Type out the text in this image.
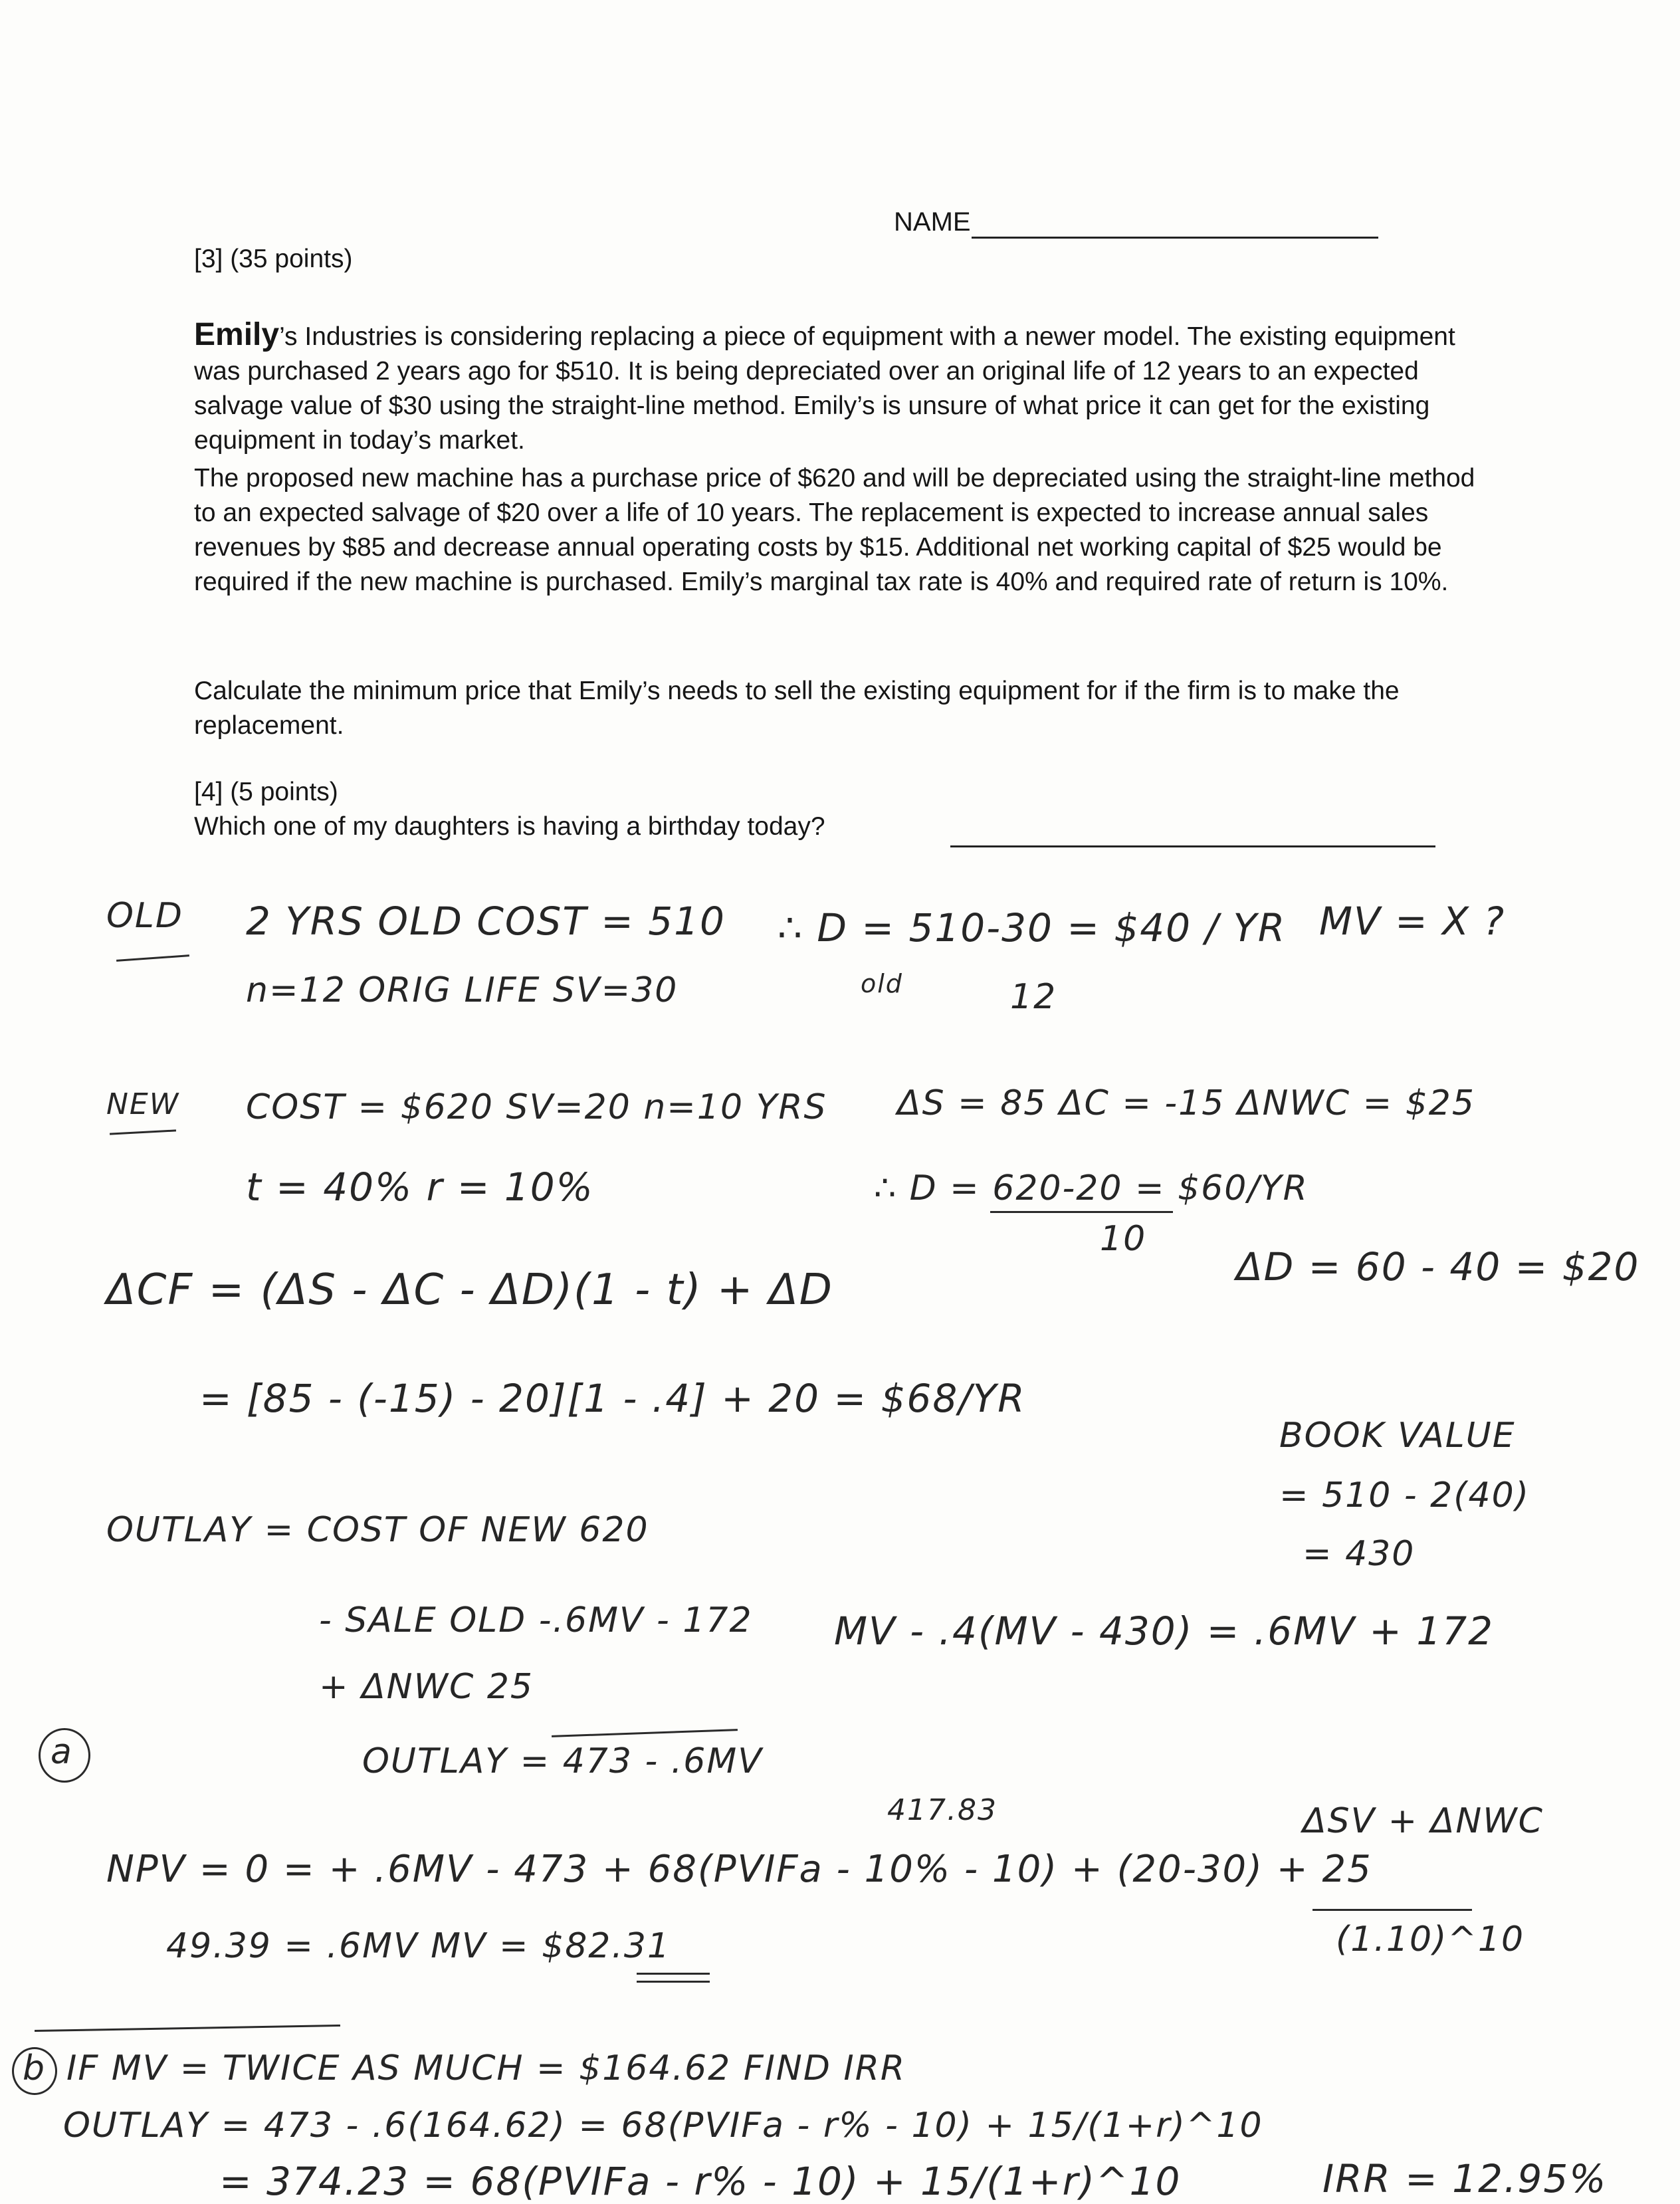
NAME
[3] (35 points)

Emily’s Industries is considering replacing a piece of equipment with a newer model. The existing equipment was purchased 2 years ago for $510. It is being depreciated over an original life of 12 years to an expected salvage value of $30 using the straight-line method. Emily’s is unsure of what price it can get for the existing equipment in today’s market.

The proposed new machine has a purchase price of $620 and will be depreciated using the straight-line method to an expected salvage of $20 over a life of 10 years. The replacement is expected to increase annual sales revenues by $85 and decrease annual operating costs by $15. Additional net working capital of $25 would be required if the new machine is purchased. Emily’s marginal tax rate is 40% and required rate of return is 10%.
Calculate the minimum price that Emily’s needs to sell the existing equipment for if the firm is to make the replacement.
[4] (5 points)
Which one of my daughters is having a birthday today?
OLD 2 YRS OLD COST = 510
n=12 ORIG LIFE SV=30
∴ D = 510-30 = $40 / YR
old	12
MV = X ?
NEW COST = $620 SV=20 n=10 YRS ΔS = 85 ΔC = -15 ΔNWC = $25
t = 40% r = 10%	∴ D = 620-20 = $60/YR
10
ΔD = 60 - 40 = $20
ΔCF = (ΔS - ΔC - ΔD)(1 - t) + ΔD
= [85 - (-15) - 20][1 - .4] + 20 = $68/YR
BOOK VALUE
= 510 - 2(40)
= 430
OUTLAY = COST OF NEW 620
- SALE OLD -.6MV - 172 MV - .4(MV - 430) = .6MV + 172
+ ΔNWC 25
OUTLAY = 473 - .6MV
a
417.83	ΔSV + ΔNWC
NPV = 0 = + .6MV - 473 + 68(PVIFa - 10% - 10) + (20-30) + 25
(1.10)^10
49.39 = .6MV MV = $82.31
b IF MV = TWICE AS MUCH = $164.62 FIND IRR
OUTLAY = 473 - .6(164.62) = 68(PVIFa - r% - 10) + 15/(1+r)^10
= 374.23 = 68(PVIFa - r% - 10) + 15/(1+r)^10	IRR = 12.95%
